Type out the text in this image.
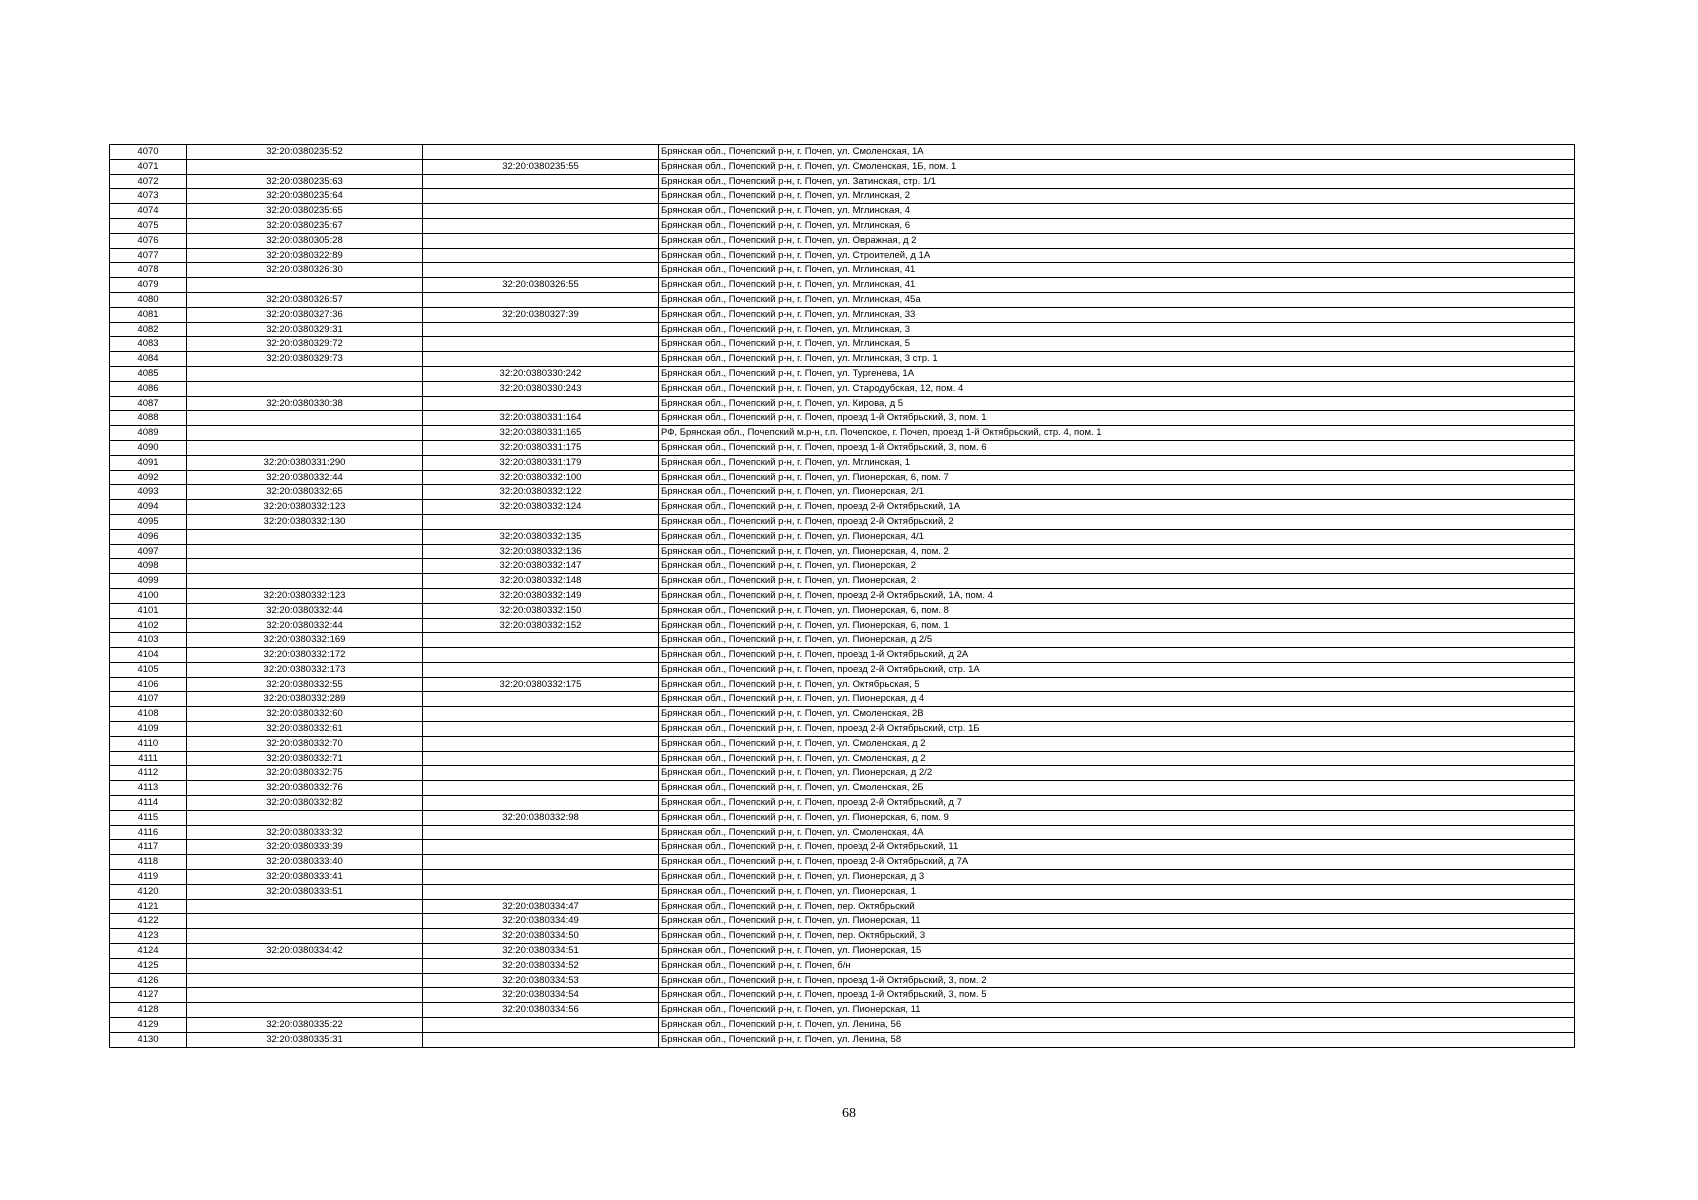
4070	32:20:0380235:52		Брянская обл., Почепский р-н, г. Почеп, ул. Смоленская, 1А
4071		32:20:0380235:55	Брянская обл., Почепский р-н, г. Почеп, ул. Смоленская, 1Б, пом. 1
4072	32:20:0380235:63		Брянская обл., Почепский р-н, г. Почеп, ул. Затинская, стр. 1/1
4073	32:20:0380235:64		Брянская обл., Почепский р-н, г. Почеп, ул. Мглинская, 2
4074	32:20:0380235:65		Брянская обл., Почепский р-н, г. Почеп, ул. Мглинская, 4
4075	32:20:0380235:67		Брянская обл., Почепский р-н, г. Почеп, ул. Мглинская, 6
4076	32:20:0380305:28		Брянская обл., Почепский р-н, г. Почеп, ул. Овражная, д 2
4077	32:20:0380322:89		Брянская обл., Почепский р-н, г. Почеп, ул. Строителей, д 1А
4078	32:20:0380326:30		Брянская обл., Почепский р-н, г. Почеп, ул. Мглинская, 41
4079		32:20:0380326:55	Брянская обл., Почепский р-н, г. Почеп, ул. Мглинская, 41
4080	32:20:0380326:57		Брянская обл., Почепский р-н, г. Почеп, ул. Мглинская, 45а
4081	32:20:0380327:36	32:20:0380327:39	Брянская обл., Почепский р-н, г. Почеп, ул. Мглинская, 33
4082	32:20:0380329:31		Брянская обл., Почепский р-н, г. Почеп, ул. Мглинская, 3
4083	32:20:0380329:72		Брянская обл., Почепский р-н, г. Почеп, ул. Мглинская, 5
4084	32:20:0380329:73		Брянская обл., Почепский р-н, г. Почеп, ул. Мглинская, 3 стр. 1
4085		32:20:0380330:242	Брянская обл., Почепский р-н, г. Почеп, ул. Тургенева, 1А
4086		32:20:0380330:243	Брянская обл., Почепский р-н, г. Почеп, ул. Стародубская, 12, пом. 4
4087	32:20:0380330:38		Брянская обл., Почепский р-н, г. Почеп, ул. Кирова, д 5
4088		32:20:0380331:164	Брянская обл., Почепский р-н, г. Почеп, проезд 1-й Октябрьский, 3, пом. 1
4089		32:20:0380331:165	РФ, Брянская обл., Почепский м.р-н, г.п. Почепское, г. Почеп, проезд 1-й Октябрьский, стр. 4, пом. 1
4090		32:20:0380331:175	Брянская обл., Почепский р-н, г. Почеп, проезд 1-й Октябрьский, 3, пом. 6
4091	32:20:0380331:290	32:20:0380331:179	Брянская обл., Почепский р-н, г. Почеп, ул. Мглинская, 1
4092	32:20:0380332:44	32:20:0380332:100	Брянская обл., Почепский р-н, г. Почеп, ул. Пионерская, 6, пом. 7
4093	32:20:0380332:65	32:20:0380332:122	Брянская обл., Почепский р-н, г. Почеп, ул. Пионерская, 2/1
4094	32:20:0380332:123	32:20:0380332:124	Брянская обл., Почепский р-н, г. Почеп, проезд 2-й Октябрьский, 1А
4095	32:20:0380332:130		Брянская обл., Почепский р-н, г. Почеп, проезд 2-й Октябрьский, 2
4096		32:20:0380332:135	Брянская обл., Почепский р-н, г. Почеп, ул. Пионерская, 4/1
4097		32:20:0380332:136	Брянская обл., Почепский р-н, г. Почеп, ул. Пионерская, 4, пом. 2
4098		32:20:0380332:147	Брянская обл., Почепский р-н, г. Почеп, ул. Пионерская, 2
4099		32:20:0380332:148	Брянская обл., Почепский р-н, г. Почеп, ул. Пионерская, 2
4100	32:20:0380332:123	32:20:0380332:149	Брянская обл., Почепский р-н, г. Почеп, проезд 2-й Октябрьский, 1А, пом. 4
4101	32:20:0380332:44	32:20:0380332:150	Брянская обл., Почепский р-н, г. Почеп, ул. Пионерская, 6, пом. 8
4102	32:20:0380332:44	32:20:0380332:152	Брянская обл., Почепский р-н, г. Почеп, ул. Пионерская, 6, пом. 1
4103	32:20:0380332:169		Брянская обл., Почепский р-н, г. Почеп, ул. Пионерская, д 2/5
4104	32:20:0380332:172		Брянская обл., Почепский р-н, г. Почеп, проезд 1-й Октябрьский, д 2А
4105	32:20:0380332:173		Брянская обл., Почепский р-н, г. Почеп, проезд 2-й Октябрьский, стр. 1А
4106	32:20:0380332:55	32:20:0380332:175	Брянская обл., Почепский р-н, г. Почеп, ул. Октябрьская, 5
4107	32:20:0380332:289		Брянская обл., Почепский р-н, г. Почеп, ул. Пионерская, д 4
4108	32:20:0380332:60		Брянская обл., Почепский р-н, г. Почеп, ул. Смоленская, 2В
4109	32:20:0380332:61		Брянская обл., Почепский р-н, г. Почеп, проезд 2-й Октябрьский, стр. 1Б
4110	32:20:0380332:70		Брянская обл., Почепский р-н, г. Почеп, ул. Смоленская, д 2
4111	32:20:0380332:71		Брянская обл., Почепский р-н, г. Почеп, ул. Смоленская, д 2
4112	32:20:0380332:75		Брянская обл., Почепский р-н, г. Почеп, ул. Пионерская, д 2/2
4113	32:20:0380332:76		Брянская обл., Почепский р-н, г. Почеп, ул. Смоленская, 2Б
4114	32:20:0380332:82		Брянская обл., Почепский р-н, г. Почеп, проезд 2-й Октябрьский, д 7
4115		32:20:0380332:98	Брянская обл., Почепский р-н, г. Почеп, ул. Пионерская, 6, пом. 9
4116	32:20:0380333:32		Брянская обл., Почепский р-н, г. Почеп, ул. Смоленская, 4А
4117	32:20:0380333:39		Брянская обл., Почепский р-н, г. Почеп, проезд 2-й Октябрьский, 11
4118	32:20:0380333:40		Брянская обл., Почепский р-н, г. Почеп, проезд 2-й Октябрьский, д 7А
4119	32:20:0380333:41		Брянская обл., Почепский р-н, г. Почеп, ул. Пионерская, д 3
4120	32:20:0380333:51		Брянская обл., Почепский р-н, г. Почеп, ул. Пионерская, 1
4121		32:20:0380334:47	Брянская обл., Почепский р-н, г. Почеп, пер. Октябрьский
4122		32:20:0380334:49	Брянская обл., Почепский р-н, г. Почеп, ул. Пионерская, 11
4123		32:20:0380334:50	Брянская обл., Почепский р-н, г. Почеп, пер. Октябрьский, 3
4124	32:20:0380334:42	32:20:0380334:51	Брянская обл., Почепский р-н, г. Почеп, ул. Пионерская, 15
4125		32:20:0380334:52	Брянская обл., Почепский р-н, г. Почеп, б/н
4126		32:20:0380334:53	Брянская обл., Почепский р-н, г. Почеп, проезд 1-й Октябрьский, 3, пом. 2
4127		32:20:0380334:54	Брянская обл., Почепский р-н, г. Почеп, проезд 1-й Октябрьский, 3, пом. 5
4128		32:20:0380334:56	Брянская обл., Почепский р-н, г. Почеп, ул. Пионерская, 11
4129	32:20:0380335:22		Брянская обл., Почепский р-н, г. Почеп, ул. Ленина, 56
4130	32:20:0380335:31		Брянская обл., Почепский р-н, г. Почеп, ул. Ленина, 58
68
